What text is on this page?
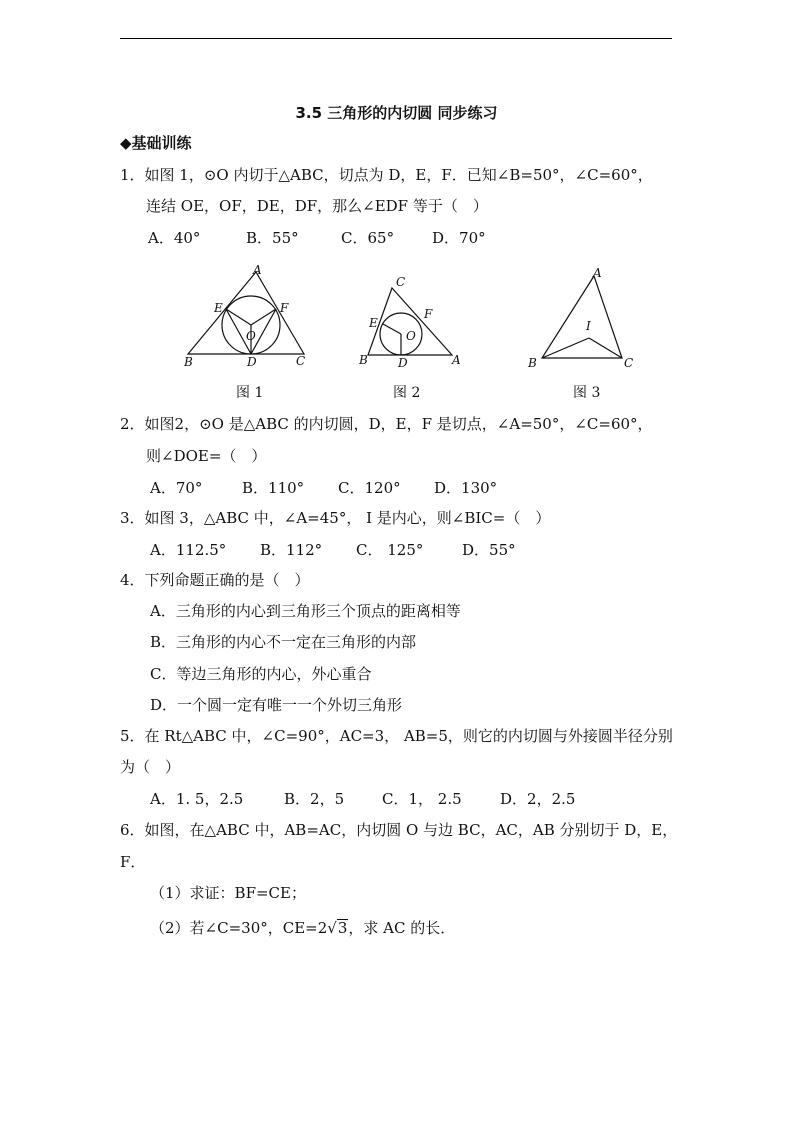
3.5 三角形的内切圆 同步练习
◆基础训练
1．如图 1，⊙O 内切于△ABC，切点为 D，E，F．已知∠B=50°，∠C=60°，
连结 OE，OF，DE，DF，那么∠EDF 等于（　）
A．40°	B．55°	C．65°	D．70°
A
B	C
D
E	F
O
C
B	A
D
E
F
O
A
B	C
I
图 1	图 2	图 3
2．如图2，⊙O 是△ABC 的内切圆，D，E，F 是切点，∠A=50°，∠C=60°，
则∠DOE=（　）
A．70°	B．110° C．120° D．130°
3．如图 3，△ABC 中，∠A=45°， I 是内心，则∠BIC=（　）
A．112.5° B．112° C． 125°	D．55°
4．下列命题正确的是（　）
A．三角形的内心到三角形三个顶点的距离相等
B．三角形的内心不一定在三角形的内部
C．等边三角形的内心，外心重合
D．一个圆一定有唯一一个外切三角形
5．在 Rt△ABC 中，∠C=90°，AC=3， AB=5，则它的内切圆与外接圆半径分别
为（　）
A．1. 5，2.5	B．2，5	C．1， 2.5	D．2，2.5
6．如图，在△ABC 中，AB=AC，内切圆 O 与边 BC，AC，AB 分别切于 D，E，
F．
（1）求证：BF=CE；
（2）若∠C=30°，CE=2√3，求 AC 的长．
